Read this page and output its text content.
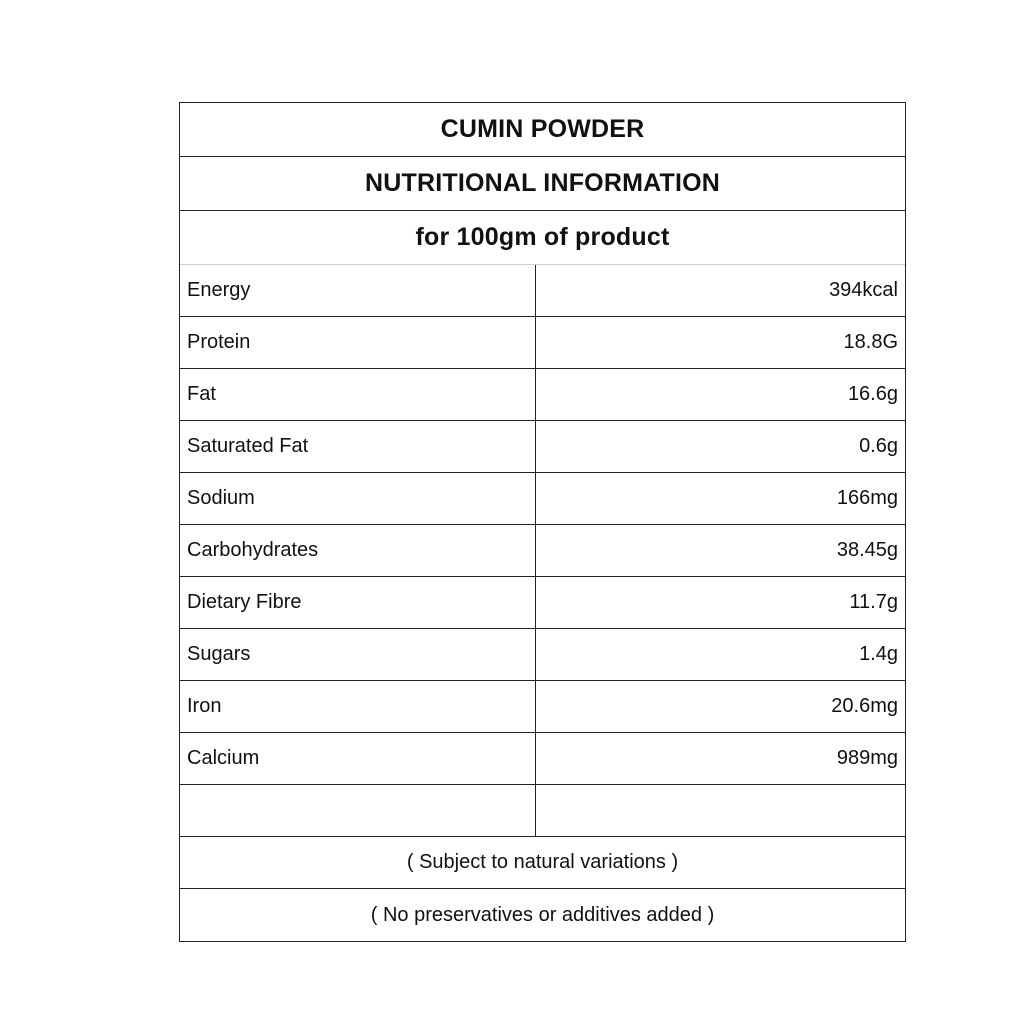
CUMIN POWDER
NUTRITIONAL INFORMATION
for 100gm of product
Energy	394kcal
Protein	18.8G
Fat	16.6g
Saturated Fat	0.6g
Sodium	166mg
Carbohydrates	38.45g
Dietary Fibre	11.7g
Sugars	1.4g
Iron	20.6mg
Calcium	989mg
( Subject to natural variations )
( No preservatives or additives added )
